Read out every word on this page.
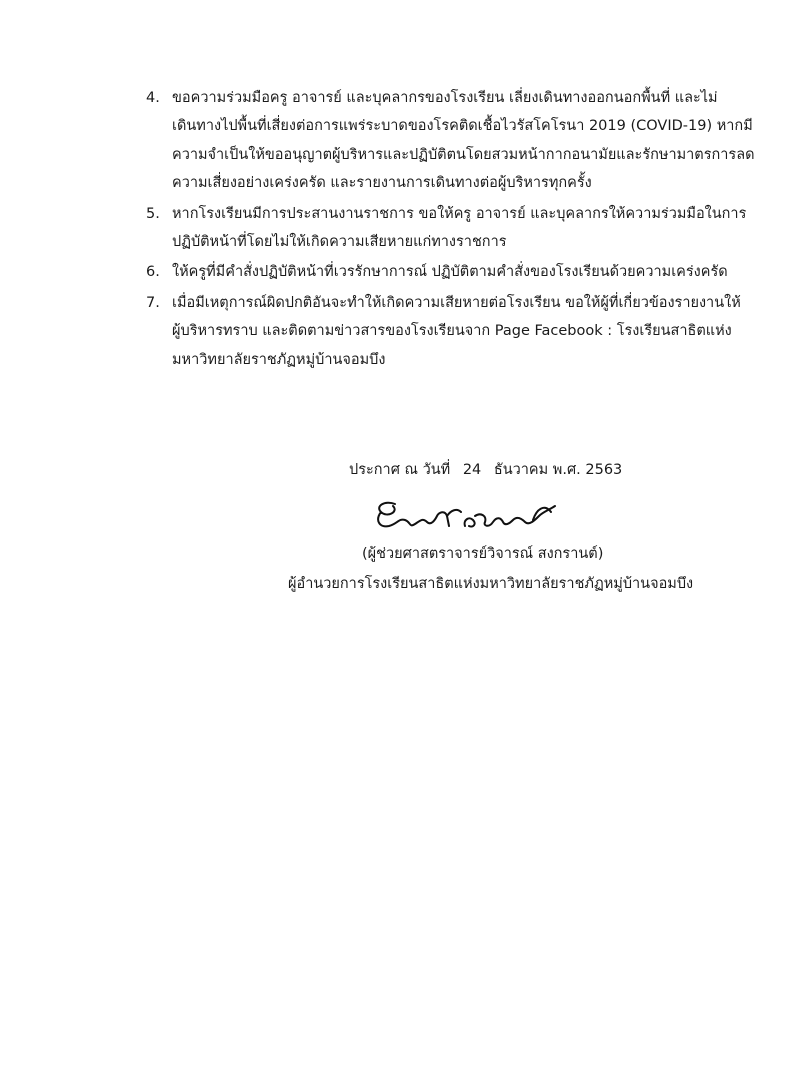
4. ขอความร่วมมือครู อาจารย์ และบุคลากรของโรงเรียน เลี่ยงเดินทางออกนอกพื้นที่ และไม่
เดินทางไปพื้นที่เสี่ยงต่อการแพร่ระบาดของโรคติดเชื้อไวรัสโคโรนา 2019 (COVID-19) หากมี
ความจำเป็นให้ขออนุญาตผู้บริหารและปฏิบัติตนโดยสวมหน้ากากอนามัยและรักษามาตรการลด
ความเสี่ยงอย่างเคร่งครัด และรายงานการเดินทางต่อผู้บริหารทุกครั้ง
5. หากโรงเรียนมีการประสานงานราชการ ขอให้ครู อาจารย์ และบุคลากรให้ความร่วมมือในการ
ปฏิบัติหน้าที่โดยไม่ให้เกิดความเสียหายแก่ทางราชการ
6. ให้ครูที่มีคำสั่งปฏิบัติหน้าที่เวรรักษาการณ์ ปฏิบัติตามคำสั่งของโรงเรียนด้วยความเคร่งครัด
7. เมื่อมีเหตุการณ์ผิดปกติอันจะทำให้เกิดความเสียหายต่อโรงเรียน ขอให้ผู้ที่เกี่ยวข้องรายงานให้
ผู้บริหารทราบ และติดตามข่าวสารของโรงเรียนจาก Page Facebook : โรงเรียนสาธิตแห่ง
มหาวิทยาลัยราชภัฏหมู่บ้านจอมบึง
ประกาศ ณ วันที่ 24 ธันวาคม พ.ศ. 2563
(ผู้ช่วยศาสตราจารย์วิจารณ์ สงกรานต์)
ผู้อำนวยการโรงเรียนสาธิตแห่งมหาวิทยาลัยราชภัฏหมู่บ้านจอมบึง
